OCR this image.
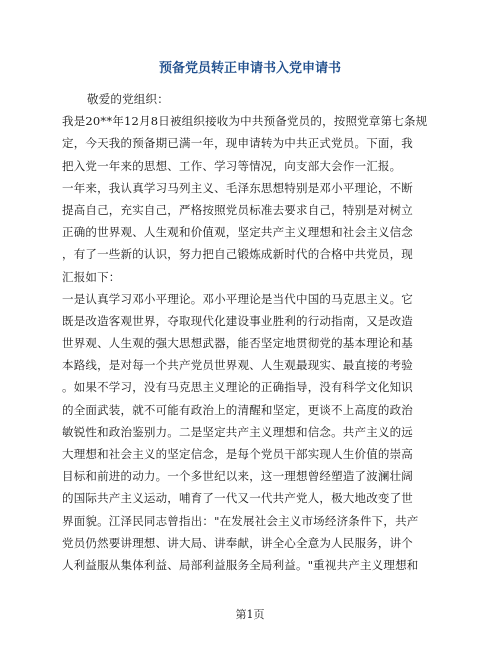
预备党员转正申请书入党申请书
敬爱的党组织：
我是20**年12月8日被组织接收为中共预备党员的，按照党章第七条规
定，今天我的预备期已满一年，现申请转为中共正式党员。下面，我
把入党一年来的思想、工作、学习等情况，向支部大会作一汇报。
一年来，我认真学习马列主义、毛泽东思想特别是邓小平理论，不断
提高自己，充实自己，严格按照党员标准去要求自己，特别是对树立
正确的世界观、人生观和价值观，坚定共产主义理想和社会主义信念
，有了一些新的认识，努力把自己锻炼成新时代的合格中共党员，现
汇报如下：
一是认真学习邓小平理论。邓小平理论是当代中国的马克思主义。它
既是改造客观世界，夺取现代化建设事业胜利的行动指南，又是改造
世界观、人生观的强大思想武器，能否坚定地贯彻党的基本理论和基
本路线，是对每一个共产党员世界观、人生观最现实、最直接的考验
。如果不学习，没有马克思主义理论的正确指导，没有科学文化知识
的全面武装，就不可能有政治上的清醒和坚定，更谈不上高度的政治
敏锐性和政治鉴别力。二是坚定共产主义理想和信念。共产主义的远
大理想和社会主义的坚定信念，是每个党员干部实现人生价值的崇高
目标和前进的动力。一个多世纪以来，这一理想曾经塑造了波澜壮阔
的国际共产主义运动，哺育了一代又一代共产党人，极大地改变了世
界面貌。江泽民同志曾指出："在发展社会主义市场经济条件下，共产
党员仍然要讲理想、讲大局、讲奉献，讲全心全意为人民服务，讲个
人利益服从集体利益、局部利益服务全局利益。"重视共产主义理想和
第1页
